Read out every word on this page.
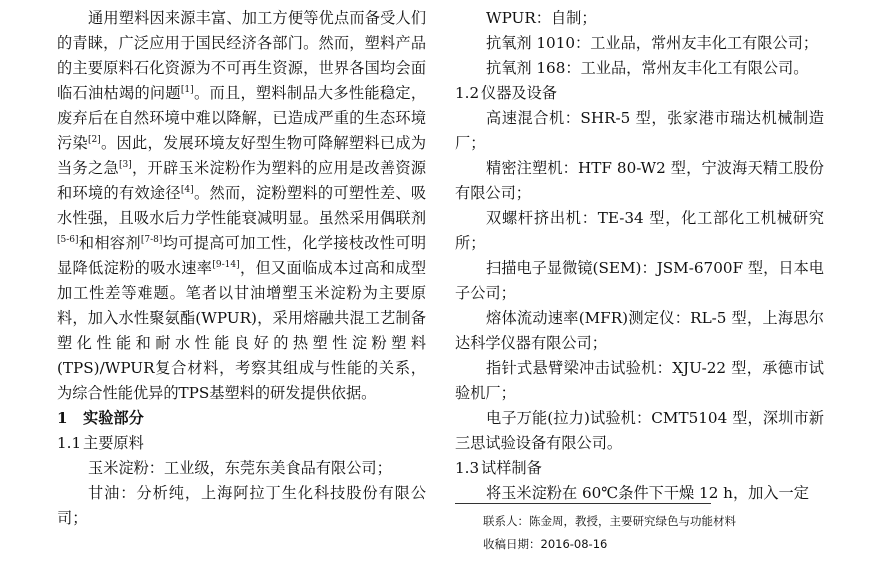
通用塑料因来源丰富、加工方便等优点而备受人们的青睐，广泛应用于国民经济各部门。然而，塑料产品的主要原料石化资源为不可再生资源，世界各国均会面临石油枯竭的问题[1]。而且，塑料制品大多性能稳定，废弃后在自然环境中难以降解，已造成严重的生态环境污染[2]。因此，发展环境友好型生物可降解塑料已成为当务之急[3]，开辟玉米淀粉作为塑料的应用是改善资源和环境的有效途径[4]。然而，淀粉塑料的可塑性差、吸水性强，且吸水后力学性能衰减明显。虽然采用偶联剂[5-6]和相容剂[7-8]均可提高可加工性，化学接枝改性可明显降低淀粉的吸水速率[9-14]，但又面临成本过高和成型加工性差等难题。笔者以甘油增塑玉米淀粉为主要原料，加入水性聚氨酯(WPUR)，采用熔融共混工艺制备塑化性能和耐水性能良好的热塑性淀粉塑料(TPS)/WPUR复合材料，考察其组成与性能的关系，为综合性能优异的TPS基塑料的研发提供依据。

1 实验部分

1.1 主要原料

玉米淀粉：工业级，东莞东美食品有限公司；

甘油：分析纯，上海阿拉丁生化科技股份有限公司；

WPUR：自制；

抗氧剂 1010：工业品，常州友丰化工有限公司；

抗氧剂 168：工业品，常州友丰化工有限公司。

1.2 仪器及设备

高速混合机：SHR-5 型，张家港市瑞达机械制造厂；

精密注塑机：HTF 80-W2 型，宁波海天精工股份有限公司；

双螺杆挤出机：TE-34 型，化工部化工机械研究所；

扫描电子显微镜(SEM)：JSM-6700F 型，日本电子公司；

熔体流动速率(MFR)测定仪：RL-5 型，上海思尔达科学仪器有限公司；

指针式悬臂梁冲击试验机：XJU-22 型，承德市试验机厂；

电子万能(拉力)试验机：CMT5104 型，深圳市新三思试验设备有限公司。

1.3 试样制备

将玉米淀粉在 60℃条件下干燥 12 h，加入一定

联系人：陈金周，教授，主要研究绿色与功能材料

收稿日期：2016-08-16
